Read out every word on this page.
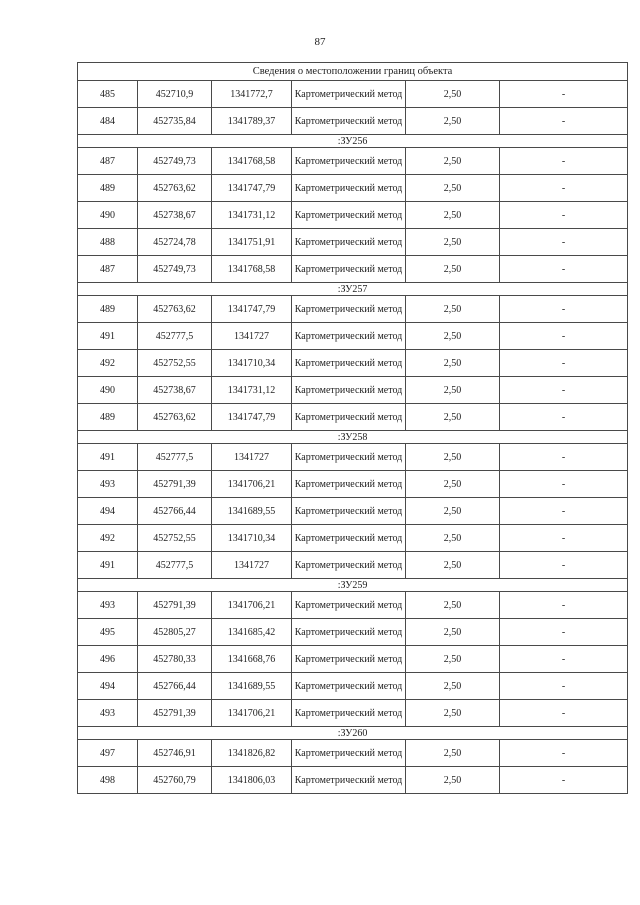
87
Сведения о местоположении границ объекта					
485	452710,9	1341772,7	Картометрический метод	2,50	-
484	452735,84	1341789,37	Картометрический метод	2,50	-
:ЗУ256					
487	452749,73	1341768,58	Картометрический метод	2,50	-
489	452763,62	1341747,79	Картометрический метод	2,50	-
490	452738,67	1341731,12	Картометрический метод	2,50	-
488	452724,78	1341751,91	Картометрический метод	2,50	-
487	452749,73	1341768,58	Картометрический метод	2,50	-
:ЗУ257					
489	452763,62	1341747,79	Картометрический метод	2,50	-
491	452777,5	1341727	Картометрический метод	2,50	-
492	452752,55	1341710,34	Картометрический метод	2,50	-
490	452738,67	1341731,12	Картометрический метод	2,50	-
489	452763,62	1341747,79	Картометрический метод	2,50	-
:ЗУ258					
491	452777,5	1341727	Картометрический метод	2,50	-
493	452791,39	1341706,21	Картометрический метод	2,50	-
494	452766,44	1341689,55	Картометрический метод	2,50	-
492	452752,55	1341710,34	Картометрический метод	2,50	-
491	452777,5	1341727	Картометрический метод	2,50	-
:ЗУ259					
493	452791,39	1341706,21	Картометрический метод	2,50	-
495	452805,27	1341685,42	Картометрический метод	2,50	-
496	452780,33	1341668,76	Картометрический метод	2,50	-
494	452766,44	1341689,55	Картометрический метод	2,50	-
493	452791,39	1341706,21	Картометрический метод	2,50	-
:ЗУ260					
497	452746,91	1341826,82	Картометрический метод	2,50	-
498	452760,79	1341806,03	Картометрический метод	2,50	-
